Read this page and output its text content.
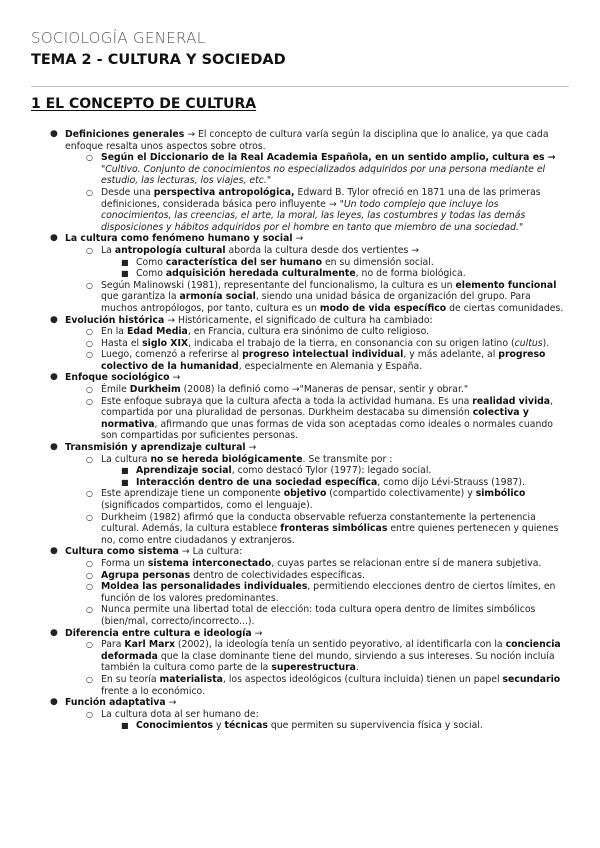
SOCIOLOGÍA GENERAL
TEMA 2 - CULTURA Y SOCIEDAD
1 EL CONCEPTO DE CULTURA
● Definiciones generales → El concepto de cultura varía según la disciplina que lo analice, ya que cada enfoque resalta unos aspectos sobre otros.
○ Según el Diccionario de la Real Academia Española, en un sentido amplio, cultura es → "Cultivo. Conjunto de conocimientos no especializados adquiridos por una persona mediante el estudio, las lecturas, los viajes, etc."
○ Desde una perspectiva antropológica, Edward B. Tylor ofreció en 1871 una de las primeras definiciones, considerada básica pero influyente → "Un todo complejo que incluye los conocimientos, las creencias, el arte, la moral, las leyes, las costumbres y todas las demás disposiciones y hábitos adquiridos por el hombre en tanto que miembro de una sociedad."
● La cultura como fenómeno humano y social →
○ La antropología cultural aborda la cultura desde dos vertientes →
■ Como característica del ser humano en su dimensión social.
■ Como adquisición heredada culturalmente, no de forma biológica.
○ Según Malinowski (1981), representante del funcionalismo, la cultura es un elemento funcional que garantiza la armonía social, siendo una unidad básica de organización del grupo. Para muchos antropólogos, por tanto, cultura es un modo de vida específico de ciertas comunidades.
● Evolución histórica → Históricamente, el significado de cultura ha cambiado:
○ En la Edad Media, en Francia, cultura era sinónimo de culto religioso.
○ Hasta el siglo XIX, indicaba el trabajo de la tierra, en consonancia con su origen latino (cultus).
○ Luego, comenzó a referirse al progreso intelectual individual, y más adelante, al progreso colectivo de la humanidad, especialmente en Alemania y España.
● Enfoque sociológico →
○ Émile Durkheim (2008) la definió como →"Maneras de pensar, sentir y obrar."
○ Este enfoque subraya que la cultura afecta a toda la actividad humana. Es una realidad vivida, compartida por una pluralidad de personas. Durkheim destacaba su dimensión colectiva y normativa, afirmando que unas formas de vida son aceptadas como ideales o normales cuando son compartidas por suficientes personas.
● Transmisión y aprendizaje cultural →
○ La cultura no se hereda biológicamente. Se transmite por :
■ Aprendizaje social, como destacó Tylor (1977): legado social.
■ Interacción dentro de una sociedad específica, como dijo Lévi-Strauss (1987).
○ Este aprendizaje tiene un componente objetivo (compartido colectivamente) y simbólico (significados compartidos, como el lenguaje).
○ Durkheim (1982) afirmó que la conducta observable refuerza constantemente la pertenencia cultural. Además, la cultura establece fronteras simbólicas entre quienes pertenecen y quienes no, como entre ciudadanos y extranjeros.
● Cultura como sistema → La cultura:
○ Forma un sistema interconectado, cuyas partes se relacionan entre sí de manera subjetiva.
○ Agrupa personas dentro de colectividades específicas.
○ Moldea las personalidades individuales, permitiendo elecciones dentro de ciertos límites, en función de los valores predominantes.
○ Nunca permite una libertad total de elección: toda cultura opera dentro de límites simbólicos (bien/mal, correcto/incorrecto...).
● Diferencia entre cultura e ideología →
○ Para Karl Marx (2002), la ideología tenía un sentido peyorativo, al identificarla con la conciencia deformada que la clase dominante tiene del mundo, sirviendo a sus intereses. Su noción incluía también la cultura como parte de la superestructura.
○ En su teoría materialista, los aspectos ideológicos (cultura incluida) tienen un papel secundario frente a lo económico.
● Función adaptativa →
○ La cultura dota al ser humano de:
■ Conocimientos y técnicas que permiten su supervivencia física y social.
